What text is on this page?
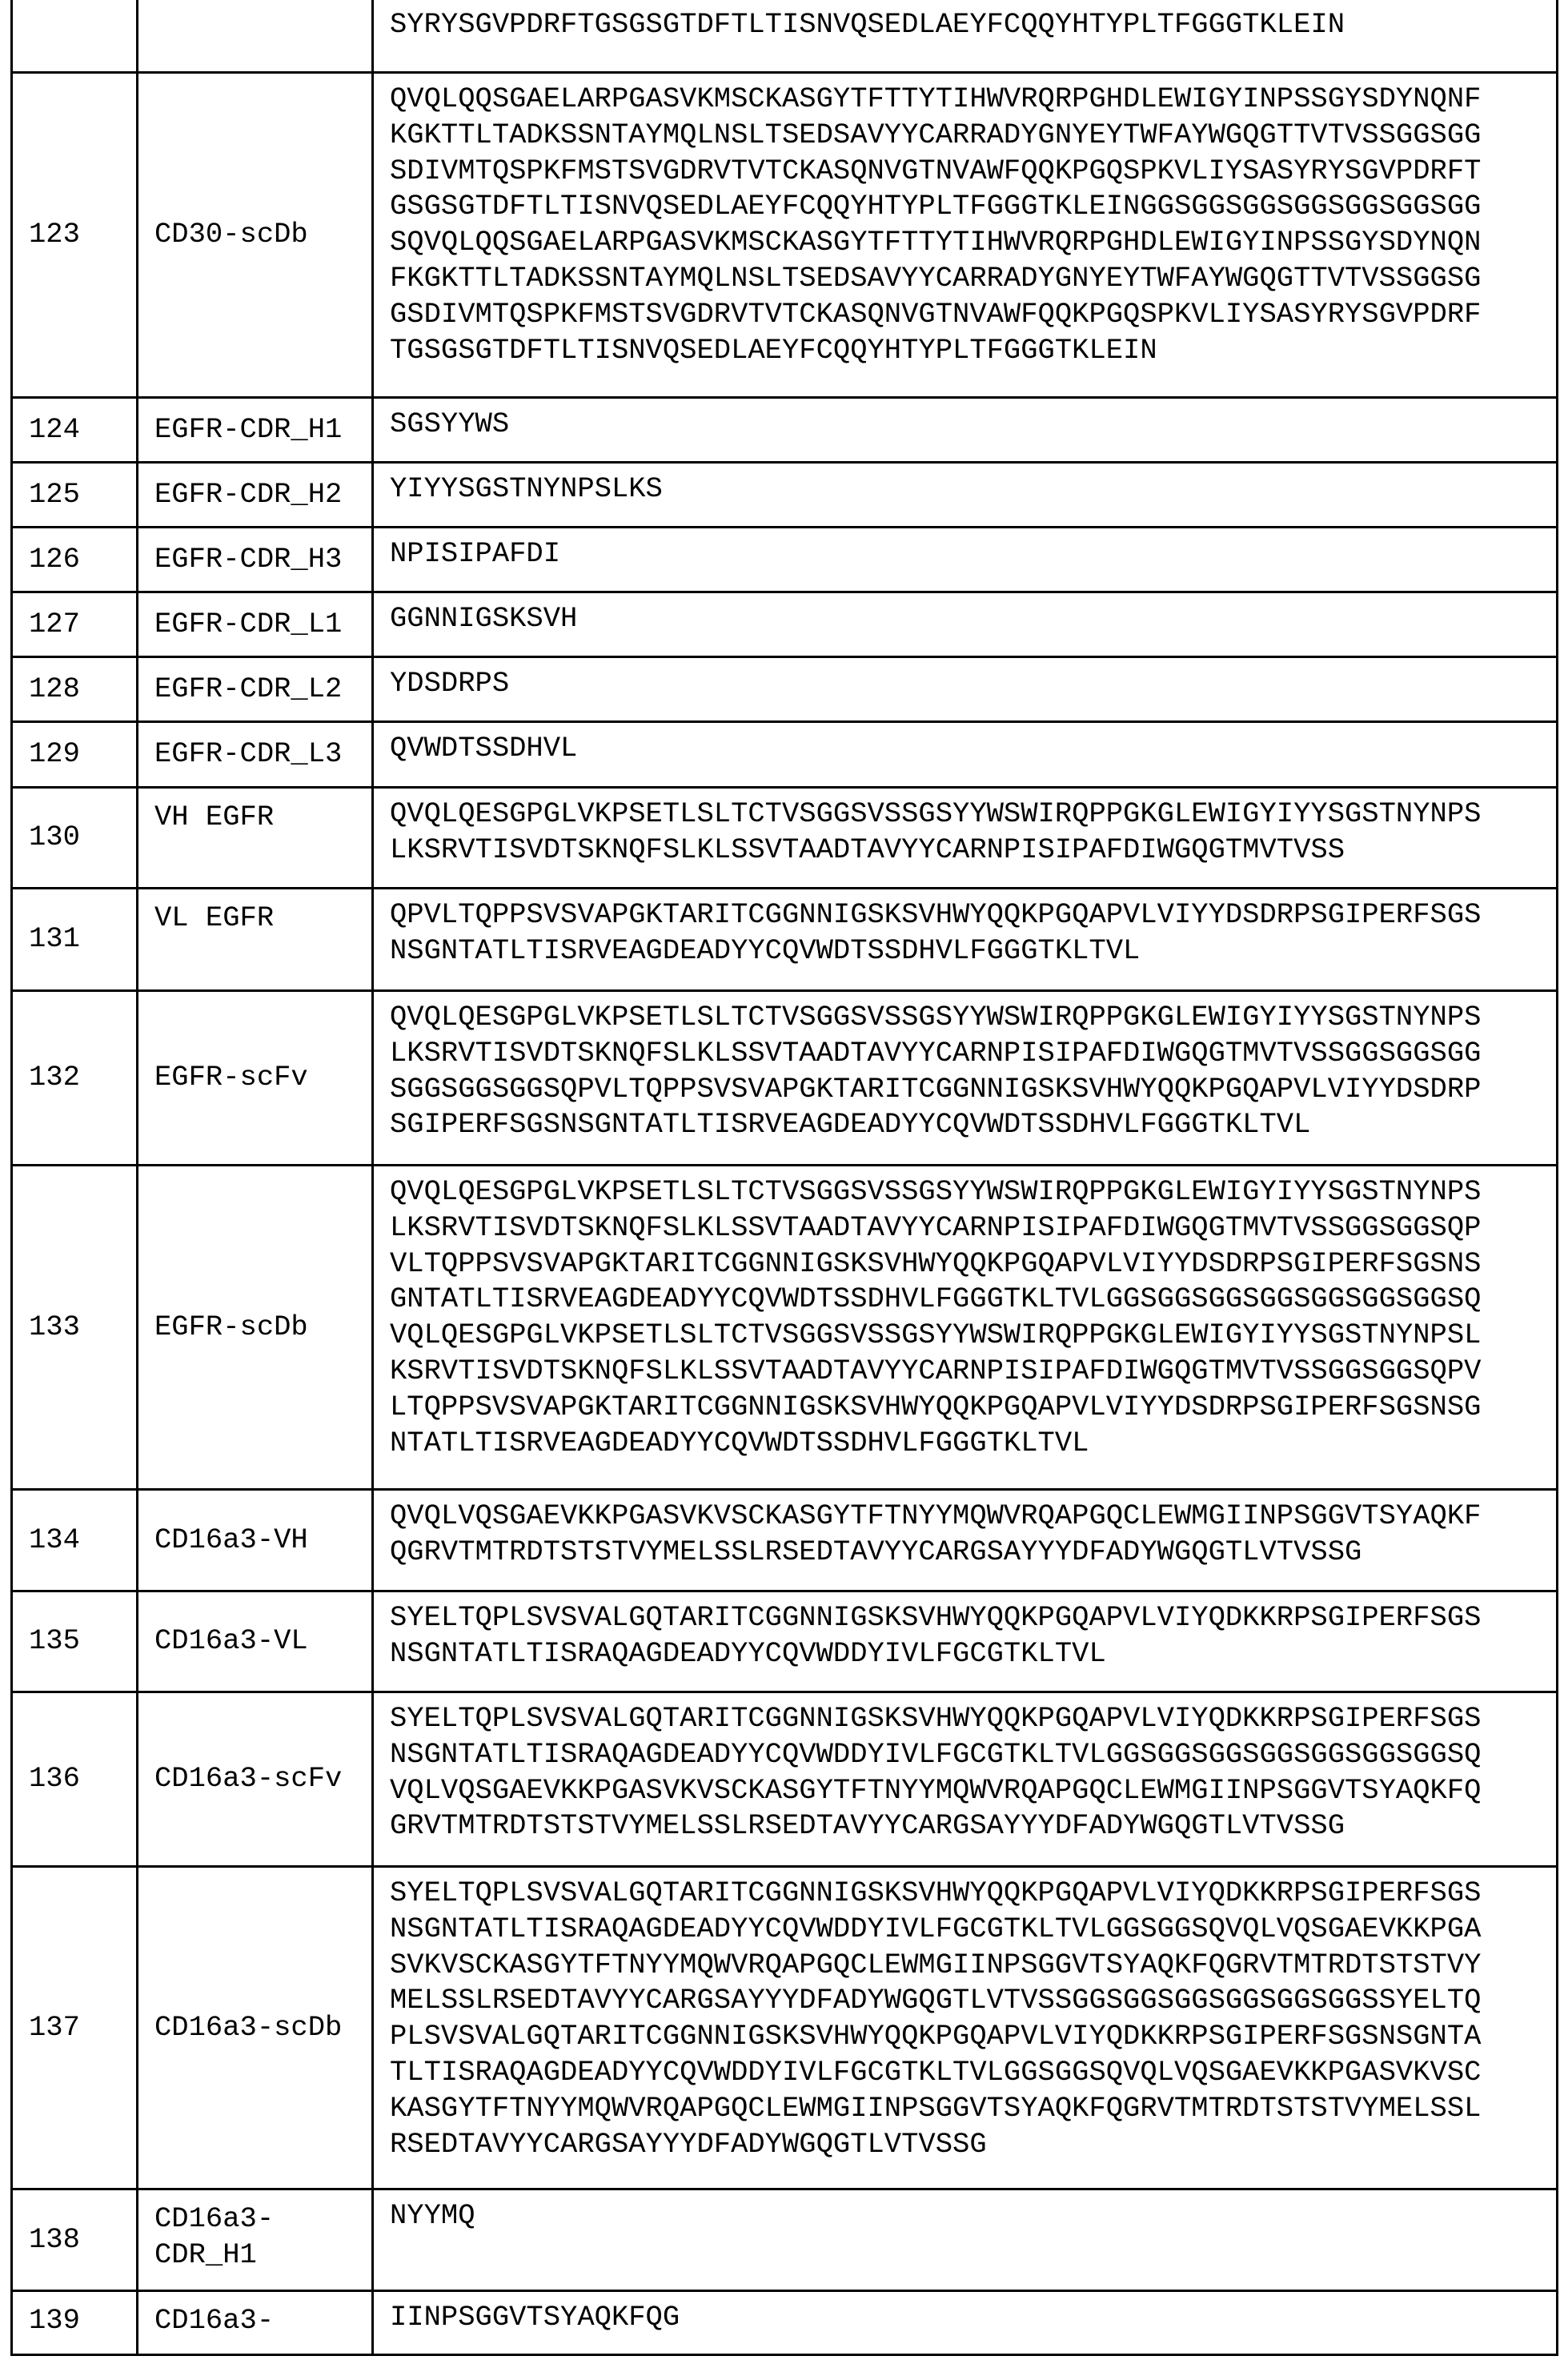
SYRYSGVPDRFTGSGSGTDFTLTISNVQSEDLAEYFCQQYHTYPLTFGGGTKLEIN

123	CD30-scDb

QVQLQQSGAELARPGASVKMSCKASGYTFTTYTIHWVRQRPGHDLEWIGYINPSSGYSDYNQNF
KGKTTLTADKSSNTAYMQLNSLTSEDSAVYYCARRADYGNYEYTWFAYWGQGTTVTVSSGGSGG
SDIVMTQSPKFMSTSVGDRVTVTCKASQNVGTNVAWFQQKPGQSPKVLIYSASYRYSGVPDRFT
GSGSGTDFTLTISNVQSEDLAEYFCQQYHTYPLTFGGGTKLEINGGSGGSGGSGGSGGSGGSGG
SQVQLQQSGAELARPGASVKMSCKASGYTFTTYTIHWVRQRPGHDLEWIGYINPSSGYSDYNQN
FKGKTTLTADKSSNTAYMQLNSLTSEDSAVYYCARRADYGNYEYTWFAYWGQGTTVTVSSGGSG
GSDIVMTQSPKFMSTSVGDRVTVTCKASQNVGTNVAWFQQKPGQSPKVLIYSASYRYSGVPDRF
TGSGSGTDFTLTISNVQSEDLAEYFCQQYHTYPLTFGGGTKLEIN

124	EGFR-CDR_H1	SGSYYWS

125	EGFR-CDR_H2	YIYYSGSTNYNPSLKS

126	EGFR-CDR_H3	NPISIPAFDI

127	EGFR-CDR_L1	GGNNIGSKSVH

128	EGFR-CDR_L2	YDSDRPS

129	EGFR-CDR_L3	QVWDTSSDHVL

130	
VH EGFR	QVQLQESGPGLVKPSETLSLTCTVSGGSVSSGSYYWSWIRQPPGKGLEWIGYIYYSGSTNYNPS
LKSRVTISVDTSKNQFSLKLSSVTAADTAVYYCARNPISIPAFDIWGQGTMVTVSS

131	
VL EGFR	QPVLTQPPSVSVAPGKTARITCGGNNIGSKSVHWYQQKPGQAPVLVIYYDSDRPSGIPERFSGS
NSGNTATLTISRVEAGDEADYYCQVWDTSSDHVLFGGGTKLTVL

132	EGFR-scFv

QVQLQESGPGLVKPSETLSLTCTVSGGSVSSGSYYWSWIRQPPGKGLEWIGYIYYSGSTNYNPS
LKSRVTISVDTSKNQFSLKLSSVTAADTAVYYCARNPISIPAFDIWGQGTMVTVSSGGSGGSGG
SGGSGGSGGSQPVLTQPPSVSVAPGKTARITCGGNNIGSKSVHWYQQKPGQAPVLVIYYDSDRP
SGIPERFSGSNSGNTATLTISRVEAGDEADYYCQVWDTSSDHVLFGGGTKLTVL

133	EGFR-scDb

QVQLQESGPGLVKPSETLSLTCTVSGGSVSSGSYYWSWIRQPPGKGLEWIGYIYYSGSTNYNPS
LKSRVTISVDTSKNQFSLKLSSVTAADTAVYYCARNPISIPAFDIWGQGTMVTVSSGGSGGSQP
VLTQPPSVSVAPGKTARITCGGNNIGSKSVHWYQQKPGQAPVLVIYYDSDRPSGIPERFSGSNS
GNTATLTISRVEAGDEADYYCQVWDTSSDHVLFGGGTKLTVLGGSGGSGGSGGSGGSGGSGGSQ
VQLQESGPGLVKPSETLSLTCTVSGGSVSSGSYYWSWIRQPPGKGLEWIGYIYYSGSTNYNPSL
KSRVTISVDTSKNQFSLKLSSVTAADTAVYYCARNPISIPAFDIWGQGTMVTVSSGGSGGSQPV
LTQPPSVSVAPGKTARITCGGNNIGSKSVHWYQQKPGQAPVLVIYYDSDRPSGIPERFSGSNSG
NTATLTISRVEAGDEADYYCQVWDTSSDHVLFGGGTKLTVL

134	CD16a3-VH

QVQLVQSGAEVKKPGASVKVSCKASGYTFTNYYMQWVRQAPGQCLEWMGIINPSGGVTSYAQKF
QGRVTMTRDTSTSTVYMELSSLRSEDTAVYYCARGSAYYYDFADYWGQGTLVTVSSG

135	CD16a3-VL

SYELTQPLSVSVALGQTARITCGGNNIGSKSVHWYQQKPGQAPVLVIYQDKKRPSGIPERFSGS
NSGNTATLTISRAQAGDEADYYCQVWDDYIVLFGCGTKLTVL

136	CD16a3-scFv

SYELTQPLSVSVALGQTARITCGGNNIGSKSVHWYQQKPGQAPVLVIYQDKKRPSGIPERFSGS
NSGNTATLTISRAQAGDEADYYCQVWDDYIVLFGCGTKLTVLGGSGGSGGSGGSGGSGGSGGSQ
VQLVQSGAEVKKPGASVKVSCKASGYTFTNYYMQWVRQAPGQCLEWMGIINPSGGVTSYAQKFQ
GRVTMTRDTSTSTVYMELSSLRSEDTAVYYCARGSAYYYDFADYWGQGTLVTVSSG

137	CD16a3-scDb

SYELTQPLSVSVALGQTARITCGGNNIGSKSVHWYQQKPGQAPVLVIYQDKKRPSGIPERFSGS
NSGNTATLTISRAQAGDEADYYCQVWDDYIVLFGCGTKLTVLGGSGGSQVQLVQSGAEVKKPGA
SVKVSCKASGYTFTNYYMQWVRQAPGQCLEWMGIINPSGGVTSYAQKFQGRVTMTRDTSTSTVY
MELSSLRSEDTAVYYCARGSAYYYDFADYWGQGTLVTVSSGGSGGSGGSGGSGGSGGSSYELTQ
PLSVSVALGQTARITCGGNNIGSKSVHWYQQKPGQAPVLVIYQDKKRPSGIPERFSGSNSGNTA
TLTISRAQAGDEADYYCQVWDDYIVLFGCGTKLTVLGGSGGSQVQLVQSGAEVKKPGASVKVSC
KASGYTFTNYYMQWVRQAPGQCLEWMGIINPSGGVTSYAQKFQGRVTMTRDTSTSTVYMELSSL
RSEDTAVYYCARGSAYYYDFADYWGQGTLVTVSSG

138	
CD16a3-
CDR_H1

NYYMQ

139	CD16a3-	IINPSGGVTSYAQKFQG
